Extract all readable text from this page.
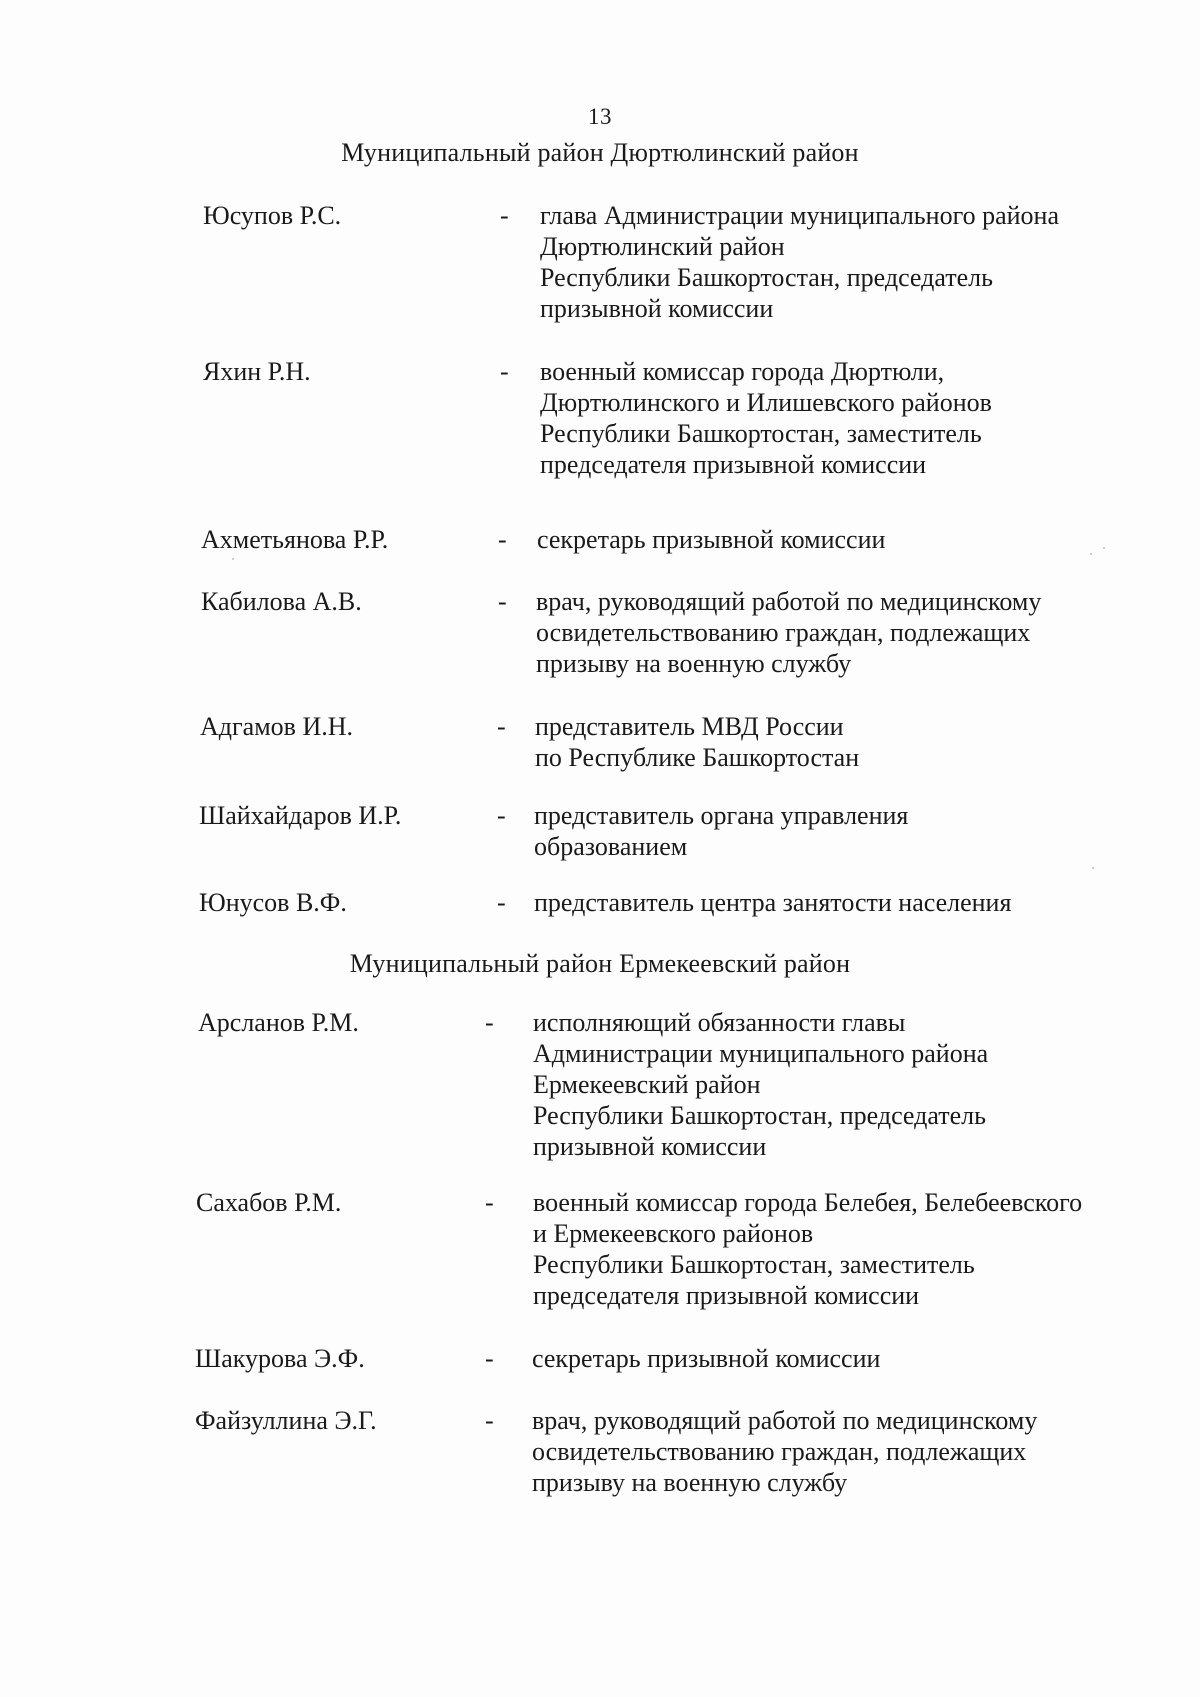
13
Муниципальный район Дюртюлинский район
Юсупов Р.С.	- глава Администрации муниципального района
Дюртюлинский район
Республики Башкортостан, председатель
призывной комиссии
Яхин Р.Н.	- военный комиссар города Дюртюли,
Дюртюлинского и Илишевского районов
Республики Башкортостан, заместитель
председателя призывной комиссии
Ахметьянова Р.Р.	- секретарь призывной комиссии
Кабилова А.В.	- врач, руководящий работой по медицинскому
освидетельствованию граждан, подлежащих
призыву на военную службу
Адгамов И.Н.	- представитель МВД России
по Республике Башкортостан
Шайхайдаров И.Р.	- представитель органа управления
образованием
Юнусов В.Ф.	- представитель центра занятости населения
Муниципальный район Ермекеевский район
Арсланов Р.М.	- исполняющий обязанности главы
Администрации муниципального района
Ермекеевский район
Республики Башкортостан, председатель
призывной комиссии
Сахабов Р.М.	- военный комиссар города Белебея, Белебеевского
и Ермекеевского районов
Республики Башкортостан, заместитель
председателя призывной комиссии
Шакурова Э.Ф.	- секретарь призывной комиссии
Файзуллина Э.Г.	- врач, руководящий работой по медицинскому
освидетельствованию граждан, подлежащих
призыву на военную службу
